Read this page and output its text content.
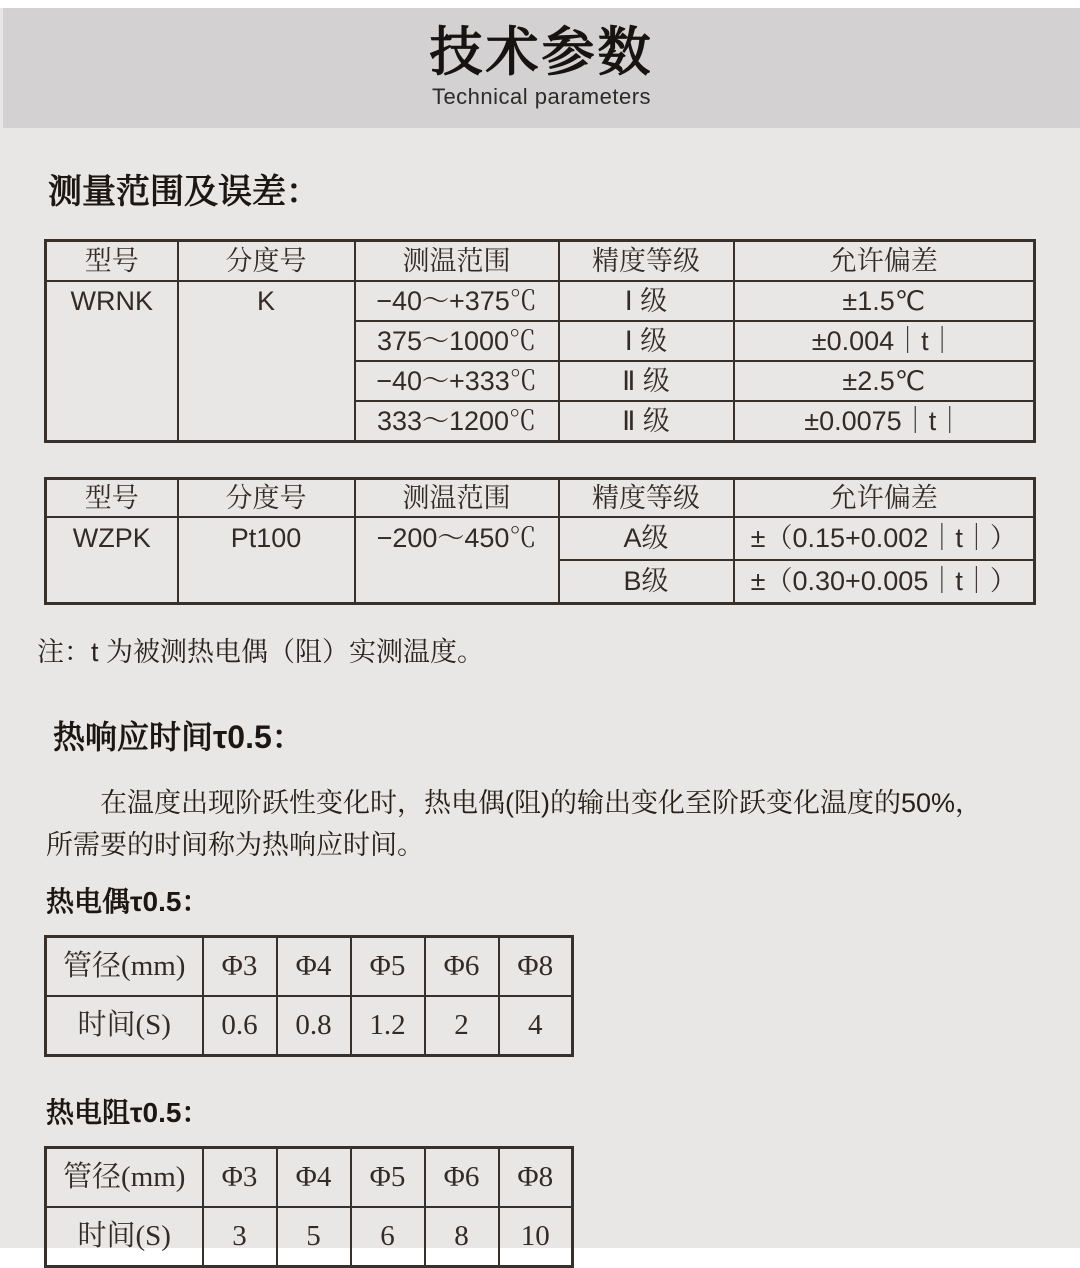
技术参数
Technical parameters
测量范围及误差：
型号	分度号	测温范围	精度等级	允许偏差
WRNK	K	−40～+375℃	Ⅰ 级	±1.5℃
		375～1000℃	Ⅰ 级	±0.004｜t｜
		−40～+333℃	Ⅱ 级	±2.5℃
		333～1200℃	Ⅱ 级	±0.0075｜t｜
型号	分度号	测温范围	精度等级	允许偏差
WZPK	Pt100	−200～450℃	A级	±（0.15+0.002｜t｜）
			B级	±（0.30+0.005｜t｜）
注：t 为被测热电偶（阻）实测温度。
热响应时间τ0.5：
在温度出现阶跃性变化时，热电偶(阻)的输出变化至阶跃变化温度的50%，
所需要的时间称为热响应时间。
热电偶τ0.5：
管径(mm)	Φ3	Φ4	Φ5	Φ6	Φ8
时间(S)	0.6	0.8	1.2	2	4
热电阻τ0.5：
管径(mm)	Φ3	Φ4	Φ5	Φ6	Φ8
时间(S)	3	5	6	8	10
